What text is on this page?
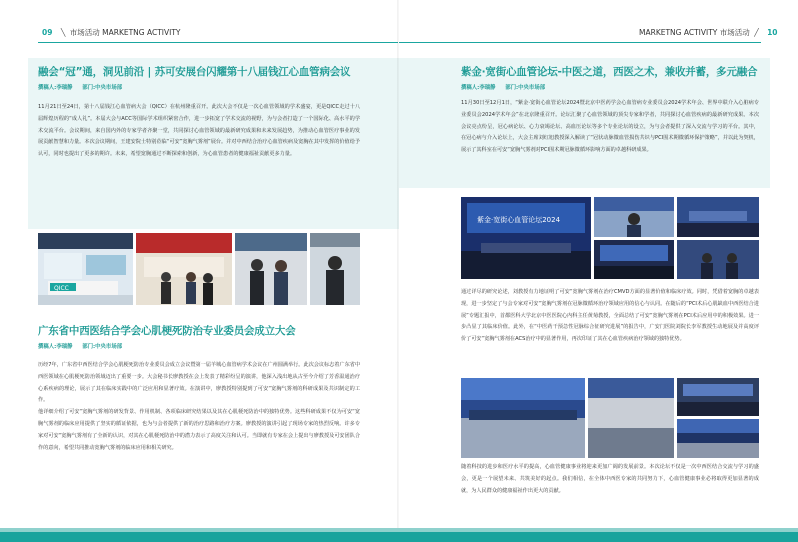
09 ╲ 市场活动 MARKETNG ACTIVITY
融会“冠”通，洞见前沿 | 苏可安展台闪耀第十八届钱江心血管病会议
撰稿人:李瑞静 部门:中央市场部

11月21日至24日，第十八届钱江心血管病大会（QICC）在杭州隆重召开。此次大会不仅是一次心血管领域的学术盛宴，更是QICC走过十八届辉煌历程的“成人礼”。本届大会与ACC等国际学术组织紧密合作，进一步拓宽了学术交流的视野，为与会者打造了一个国际化、高水平的学术交流平台。会议期间，来自国内外的专家学者齐聚一堂，共同探讨心血管领域的最新研究成果和未来发展趋势，为推动心血管医疗事业的发展贡献智慧和力量。本次会议期间，王建安院士特别莅临“可安”宽胸气雾剂”展台。并对中西结合治疗心血管疾病及宽胸在其中发挥的价值给予认可，同时也提出了更多的期许。未来，希望宽胸通过不断探索和创新，为心血管患者的健康福祉贡献更多力量。

QICC
广东省中西医结合学会心肌梗死防治专业委员会成立大会
撰稿人:李瑞静 部门:中央市场部

历经7年，广东省中西医结合学会心肌梗死防治专业委员会成立会议暨第一届羊城心血管病学术会议在广州圆满举行。此次会议标志着广东省中西医领域在心肌梗死防治领域迈出了重要一步。大会秘书长廖教授在会上发表了精彩纷呈的演讲，他深入浅出地从古至今介绍了芳香温通治疗心系疾病的理论，展示了其在临床实践中的广泛应用和显著疗效。在演讲中，廖教授特别提到了可安“宽胸气雾剂的科研成果及共识制定的工作。

他详细介绍了可安“宽胸气雾剂的研发背景、作用机制、各项临床研究结果以及其在心肌梗死防治中的独特优势。这些科研成果不仅为可安“宽胸气雾剂的临床应用提供了坚实的循证依据，也为与会者提供了新的治疗思路和治疗方案。廖教授的演讲引起了现场专家的热烈反响。许多专家对可安“宽胸气雾剂有了全新的认识，对其在心肌梗死防治中的潜力表示了高度关注和认可。当即就有专家在会上提出与廖教授及可安团队合作的意向，希望共同推动宽胸气雾剂的临床应用和相关研究。

MARKETNG ACTIVITY 市场活动 ╱ 10
紫金·宽街心血管论坛-中医之道，西医之术，兼收并蓄，多元融合
撰稿人:李瑞静 部门:中央市场部

11月30日至12月1日，“紫金·宽街心血管论坛2024暨北京中医药学会心血管病专业委员会2024学术年会、世界中联介入心脏病专业委员会2024学术年会”在北京隆重召开。论坛汇聚了心血管领域的顶尖专家和学者，共同探讨心血管疾病的最新研究成果。本次会议亮点纷呈，冠心病论坛、心力衰竭论坛、高血压论坛等多个专业论坛的设立，为与会者提供了深入交流与学习的平台。其中，在冠心病与介入论坛上，大会主席刘红旭教授深入解读了“冠状动脉微血管损伤共识与PCI围术期微循环保护策略”，并以此为契机，展示了其科室在可安“宽胸气雾剂对PCI围术期冠脉微循环影响方面的卓越科研成果。

紫金·宽街心血管论坛2024

通过详尽的研究论述，刘教授有力地证明了可安“宽胸气雾剂在治疗CMVD方面的显著价值和临床疗效。同时，凭借着宽胸的卓越表现，进一步坚定了与会专家对可安“宽胸气雾剂在冠脉微循环治疗领域应用的信心与认同。在随后的“PCI术后心肌缺血中西医结合进展”专题汇报中，首都医科大学北京中医医院心内科主任黄菊教授，全面总结了可安“宽胸气雾剂在PCI术后应用中的积极效果。进一步凸显了其临床价值。此外，在“中医药干预急性冠脉综合征研究进展”的报告中，广安门医院刘院长李军教授生动地展及并高度评价了可安“宽胸气雾剂在ACS治疗中的显著作用，再次印证了其在心血管疾病治疗领域的独特优势。

随着科技的进步和医疗水平的提高，心血管健康事业将迎来更加广阔的发展前景。本次论坛不仅是一次中西医结合交流与学习的盛会，更是一个展望未来、共筑美好的起点。我们相信，在全体中西医专家的共同努力下，心血管健康事业必将取得更加显著的成就，为人民群众的健康福祉作出更大的贡献。
